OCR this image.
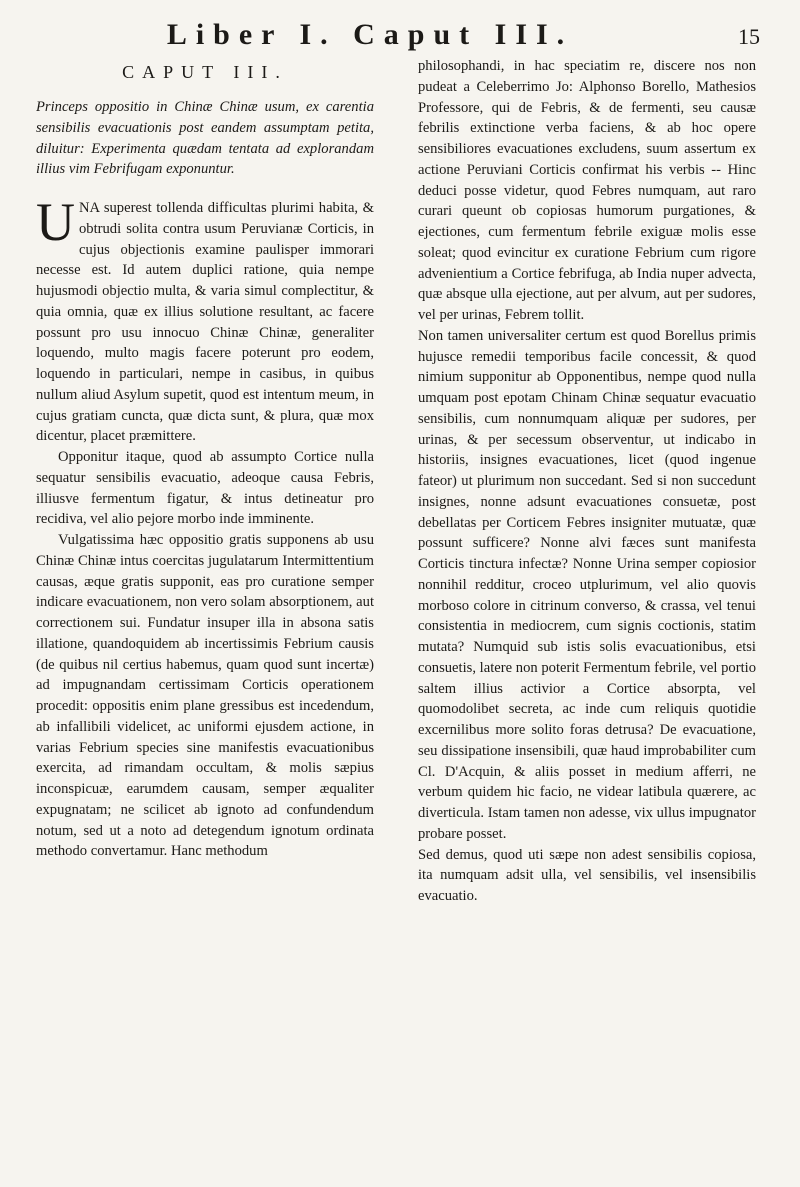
Liber I. Caput III.	15
CAPUT III.
Princeps oppositio in Chinæ Chinæ usum, ex carentia sensibilis evacuationis post eandem assumptam petita, diluitur: Experimenta quædam tentata ad explorandam illius vim Febrifugam exponuntur.

UNA superest tollenda difficultas plurimi habita, & obtrudi solita contra usum Peruvianæ Corticis, in cujus objectionis examine paulisper immorari necesse est. Id autem duplici ratione, quia nempe hujusmodi objectio multa, & varia simul complectitur, & quia omnia, quæ ex illius solutione resultant, ac facere possunt pro usu innocuo Chinæ Chinæ, generaliter loquendo, multo magis facere poterunt pro eodem, loquendo in particulari, nempe in casibus, in quibus nullum aliud Asylum supetit, quod est intentum meum, in cujus gratiam cuncta, quæ dicta sunt, & plura, quæ mox dicentur, placet præmittere.

Opponitur itaque, quod ab assumpto Cortice nulla sequatur sensibilis evacuatio, adeoque causa Febris, illiusve fermentum figatur, & intus detineatur pro recidiva, vel alio pejore morbo inde imminente.

Vulgatissima hæc oppositio gratis supponens ab usu Chinæ Chinæ intus coercitas jugulatarum Intermittentium causas, æque gratis supponit, eas pro curatione semper indicare evacuationem, non vero solam absorptionem, aut correctionem sui. Fundatur insuper illa in absona satis illatione, quandoquidem ab incertissimis Febrium causis (de quibus nil certius habemus, quam quod sunt incertæ) ad impugnandam certissimam Corticis operationem procedit: oppositis enim plane gressibus est incedendum, ab infallibili videlicet, ac uniformi ejusdem actione, in varias Febrium species sine manifestis evacuationibus exercita, ad rimandam occultam, & molis sæpius inconspicuæ, earumdem causam, semper æqualiter expugnatam; ne scilicet ab ignoto ad confundendum notum, sed ut a noto ad detegendum ignotum ordinata methodo convertamur. Hanc methodum

philosophandi, in hac speciatim re, discere nos non pudeat a Celeberrimo Jo: Alphonso Borello, Mathesios Professore, qui de Febris, & de fermenti, seu causæ febrilis extinctione verba faciens, & ab hoc opere sensibiliores evacuationes excludens, suum assertum ex actione Peruviani Corticis confirmat his verbis -- Hinc deduci posse videtur, quod Febres numquam, aut raro curari queunt ob copiosas humorum purgationes, & ejectiones, cum fermentum febrile exiguæ molis esse soleat; quod evincitur ex curatione Febrium cum rigore advenientium a Cortice febrifuga, ab India nuper advecta, quæ absque ulla ejectione, aut per alvum, aut per sudores, vel per urinas, Febrem tollit.

Non tamen universaliter certum est quod Borellus primis hujusce remedii temporibus facile concessit, & quod nimium supponitur ab Opponentibus, nempe quod nulla umquam post epotam Chinam Chinæ sequatur evacuatio sensibilis, cum nonnumquam aliquæ per sudores, per urinas, & per secessum observentur, ut indicabo in historiis, insignes evacuationes, licet (quod ingenue fateor) ut plurimum non succedant. Sed si non succedunt insignes, nonne adsunt evacuationes consuetæ, post debellatas per Corticem Febres insigniter mutuatæ, quæ possunt sufficere? Nonne alvi fæces sunt manifesta Corticis tinctura infectæ? Nonne Urina semper copiosior nonnihil redditur, croceo utplurimum, vel alio quovis morboso colore in citrinum converso, & crassa, vel tenui consistentia in mediocrem, cum signis coctionis, statim mutata? Numquid sub istis solis evacuationibus, etsi consuetis, latere non poterit Fermentum febrile, vel portio saltem illius activior a Cortice absorpta, vel quomodolibet secreta, ac inde cum reliquis quotidie excernilibus more solito foras detrusa? De evacuatione, seu dissipatione insensibili, quæ haud improbabiliter cum Cl. D'Acquin, & aliis posset in medium afferri, ne verbum quidem hic facio, ne videar latibula quærere, ac diverticula. Istam tamen non adesse, vix ullus impugnator probare posset.

Sed demus, quod uti sæpe non adest sensibilis copiosa, ita numquam adsit ulla, vel sensibilis, vel insensibilis evacuatio.
